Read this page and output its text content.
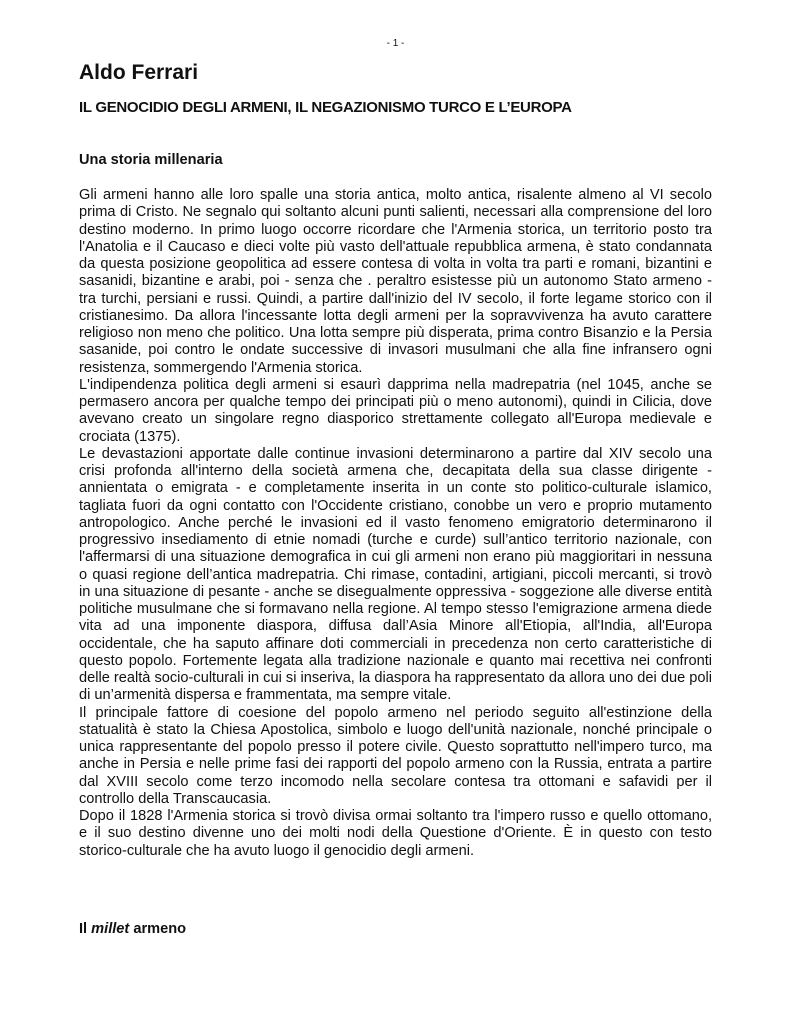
- 1 -
Aldo Ferrari
IL GENOCIDIO DEGLI ARMENI, IL NEGAZIONISMO TURCO E L’EUROPA
Una storia millenaria

Gli armeni hanno alle loro spalle una storia antica, molto antica, risalente almeno al VI secolo prima di Cristo. Ne segnalo qui soltanto alcuni punti salienti, necessari alla comprensione del loro destino moderno. In primo luogo occorre ricordare che l'Armenia storica, un territorio posto tra l'Anatolia e il Caucaso e dieci volte più vasto dell'attuale repubblica armena, è stato condannata da questa posizione geopolitica ad essere contesa di volta in volta tra parti e romani, bizantini e sasanidi, bizantine e arabi, poi - senza che . peraltro esistesse più un autonomo Stato armeno - tra turchi, persiani e russi. Quindi, a partire dall'inizio del IV secolo, il forte legame storico con il cristianesimo. Da allora l'incessante lotta degli armeni per la sopravvivenza ha avuto carattere religioso non meno che politico. Una lotta sempre più disperata, prima contro Bisanzio e la Persia sasanide, poi contro le ondate successive di invasori musulmani che alla fine infransero ogni resistenza, sommergendo l'Armenia storica.

L'indipendenza politica degli armeni si esaurì dapprima nella madrepatria (nel 1045, anche se permasero ancora per qualche tempo dei principati più o meno autonomi), quindi in Cilicia, dove avevano creato un singolare regno diasporico strettamente collegato all'Europa medievale e crociata (1375).

Le devastazioni apportate dalle continue invasioni determinarono a partire dal XIV secolo una crisi profonda all'interno della società armena che, decapitata della sua classe dirigente - annientata o emigrata - e completamente inserita in un conte sto politico-culturale islamico, tagliata fuori da ogni contatto con l'Occidente cristiano, conobbe un vero e proprio mutamento antropologico. Anche perché le invasioni ed il vasto fenomeno emigratorio determinarono il progressivo insediamento di etnie nomadi (turche e curde) sull’antico territorio nazionale, con l'affermarsi di una situazione demografica in cui gli armeni non erano più maggioritari in nessuna o quasi regione dell’antica madrepatria. Chi rimase, contadini, artigiani, piccoli mercanti, si trovò in una situazione di pesante - anche se disegualmente oppressiva - soggezione alle diverse entità politiche musulmane che si formavano nella regione. Al tempo stesso l'emigrazione armena diede vita ad una imponente diaspora, diffusa dall’Asia Minore all'Etiopia, all'India, all'Europa occidentale, che ha saputo affinare doti commerciali in precedenza non certo caratteristiche di questo popolo. Fortemente legata alla tradizione nazionale e quanto mai recettiva nei confronti delle realtà socio-culturali in cui si inseriva, la diaspora ha rappresentato da allora uno dei due poli di un’armenità dispersa e frammentata, ma sempre vitale.

Il principale fattore di coesione del popolo armeno nel periodo seguito all'estinzione della statualità è stato la Chiesa Apostolica, simbolo e luogo dell'unità nazionale, nonché principale o unica rappresentante del popolo presso il potere civile. Questo soprattutto nell'impero turco, ma anche in Persia e nelle prime fasi dei rapporti del popolo armeno con la Russia, entrata a partire dal XVIII secolo come terzo incomodo nella secolare contesa tra ottomani e safavidi per il controllo della Transcaucasia.

Dopo il 1828 l'Armenia storica si trovò divisa ormai soltanto tra l'impero russo e quello ottomano, e il suo destino divenne uno dei molti nodi della Questione d'Oriente. È in questo con testo storico-culturale che ha avuto luogo il genocidio degli armeni.

Il millet armeno
